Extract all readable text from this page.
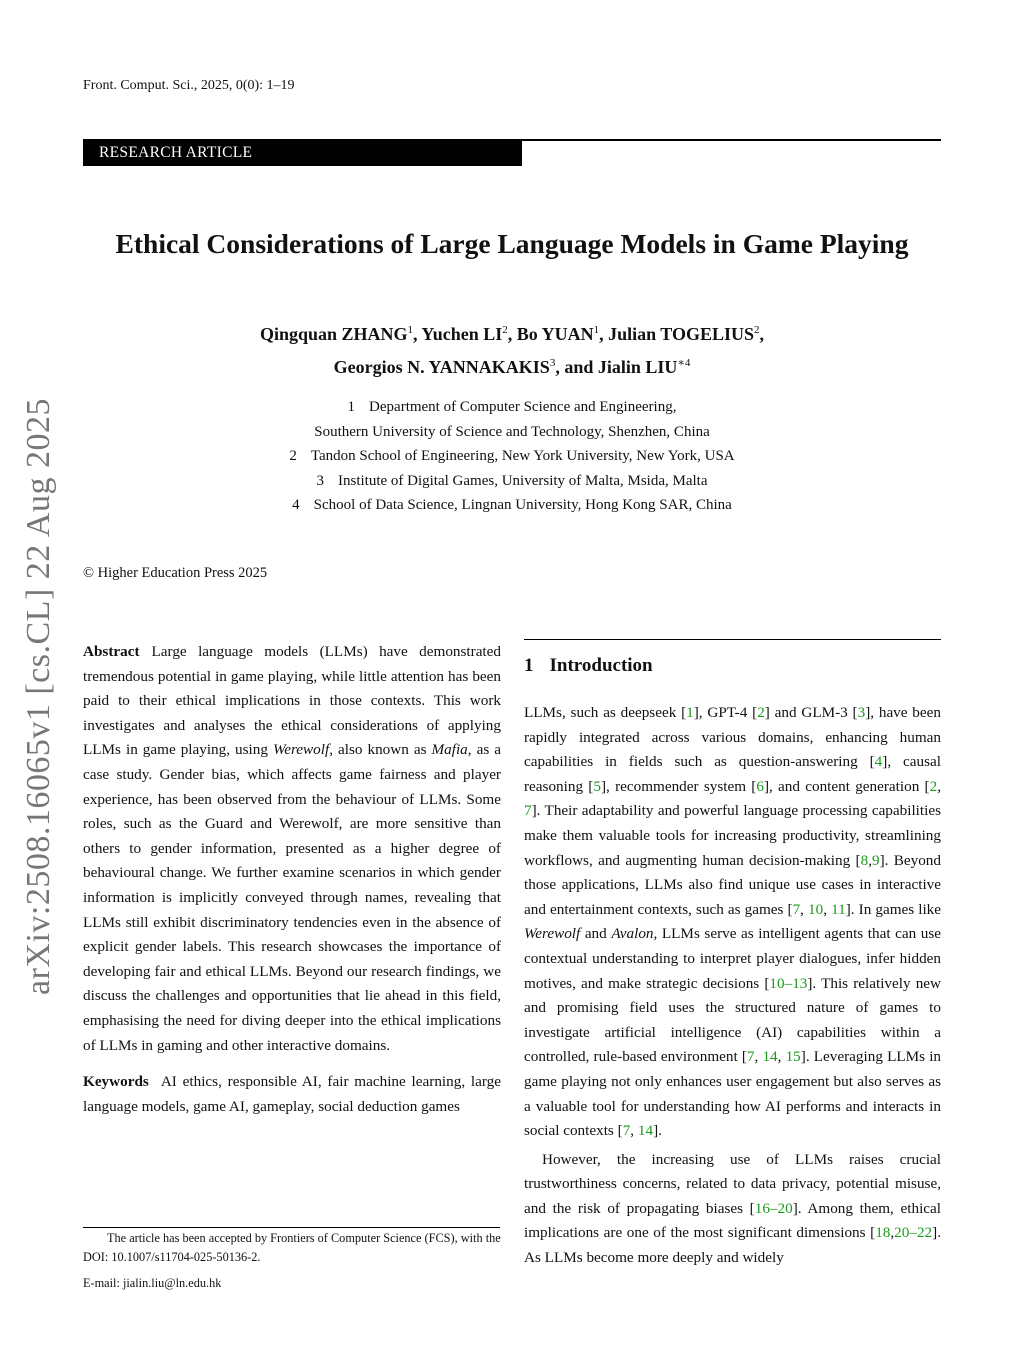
Front. Comput. Sci., 2025, 0(0): 1–19
RESEARCH ARTICLE
Ethical Considerations of Large Language Models in Game Playing
Qingquan ZHANG$^1$, Yuchen $LI^2$, Bo YUAN$^1$, Julian TOGELIUS$^2$,
Georgios N. YANNAKAKIS$^3$, and Jialin $LIU^{∗4}$
1 Department of Computer Science and Engineering,
Southern University of Science and Technology, Shenzhen, China
2 Tandon School of Engineering, New York University, New York, USA
3 Institute of Digital Games, University of Malta, Msida, Malta
4 School of Data Science, Lingnan University, Hong Kong SAR, China
arXiv:2508.16065v1 [cs.CL] 22 Aug 2025 © Higher Education Press 2025

Abstract Large language models (LLMs) have demonstrated tremendous potential in game playing, while little attention has been paid to their ethical implications in those contexts. This work investigates and analyses the ethical considerations of applying LLMs in game playing, using Werewolf, also known as Mafia, as a case study. Gender bias, which affects game fairness and player experience, has been observed from the behaviour of LLMs. Some roles, such as the Guard and Werewolf, are more sensitive than others to gender information, presented as a higher degree of behavioural change. We further examine scenarios in which gender information is implicitly conveyed through names, revealing that LLMs still exhibit discriminatory tendencies even in the absence of explicit gender labels. This research showcases the importance of developing fair and ethical LLMs. Beyond our research findings, we discuss the challenges and opportunities that lie ahead in this field, emphasising the need for diving deeper into the ethical implications of LLMs in gaming and other interactive domains.

Keywords AI ethics, responsible AI, fair machine learning, large language models, game AI, gameplay, social deduction games

1 Introduction

LLMs, such as deepseek [1], GPT-4 [2] and GLM-3 [3], have been rapidly integrated across various domains, enhancing human capabilities in fields such as question-answering [4], causal reasoning [5], recommender system [6], and content generation [2, 7]. Their adaptability and powerful language processing capabilities make them valuable tools for increasing productivity, streamlining workflows, and augmenting human decision-making [8,9]. Beyond those applications, LLMs also find unique use cases in interactive and entertainment contexts, such as games [7, 10, 11]. In games like Werewolf and Avalon, LLMs serve as intelligent agents that can use contextual understanding to interpret player dialogues, infer hidden motives, and make strategic decisions [10–13]. This relatively new and promising field uses the structured nature of games to investigate artificial intelligence (AI) capabilities within a controlled, rule-based environment [7, 14, 15]. Leveraging LLMs in game playing not only enhances user engagement but also serves as a valuable tool for understanding how AI performs and interacts in social contexts [7, 14].

However, the increasing use of LLMs raises crucial trustworthiness concerns, related to data privacy, potential misuse, and the risk of propagating biases [16–20]. Among them, ethical implications are one of the most significant dimensions [18,20–22]. As LLMs become more deeply and widely

The article has been accepted by Frontiers of Computer Science (FCS), with the DOI: 10.1007/s11704-025-50136-2.
E-mail: jialin.liu@ln.edu.hk
